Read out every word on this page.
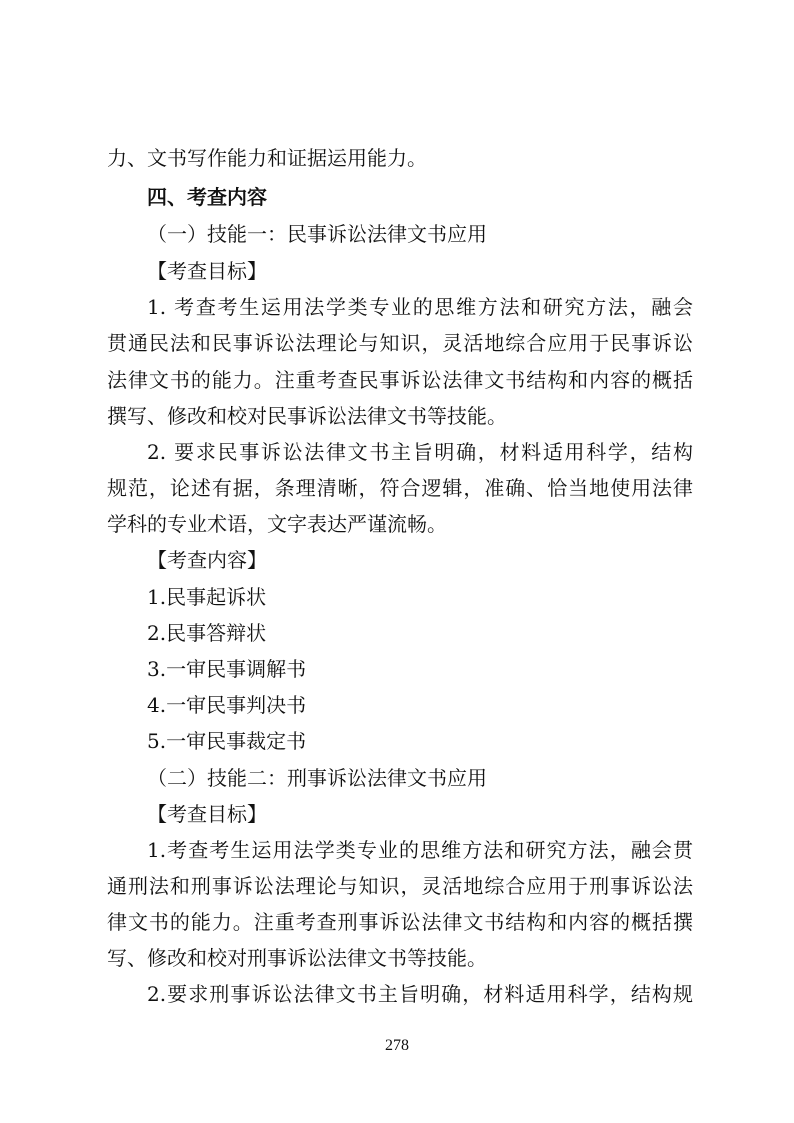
力、文书写作能力和证据运用能力。
四、考查内容
（一）技能一：民事诉讼法律文书应用
【考查目标】
1. 考查考生运用法学类专业的思维方法和研究方法，融会
贯通民法和民事诉讼法理论与知识，灵活地综合应用于民事诉讼
法律文书的能力。注重考查民事诉讼法律文书结构和内容的概括
撰写、修改和校对民事诉讼法律文书等技能。
2. 要求民事诉讼法律文书主旨明确，材料适用科学，结构
规范，论述有据，条理清晰，符合逻辑，准确、恰当地使用法律
学科的专业术语，文字表达严谨流畅。
【考查内容】
1.民事起诉状
2.民事答辩状
3.一审民事调解书
4.一审民事判决书
5.一审民事裁定书
（二）技能二：刑事诉讼法律文书应用
【考查目标】
1.考查考生运用法学类专业的思维方法和研究方法，融会贯
通刑法和刑事诉讼法理论与知识，灵活地综合应用于刑事诉讼法
律文书的能力。注重考查刑事诉讼法律文书结构和内容的概括撰
写、修改和校对刑事诉讼法律文书等技能。
2.要求刑事诉讼法律文书主旨明确，材料适用科学，结构规
278
